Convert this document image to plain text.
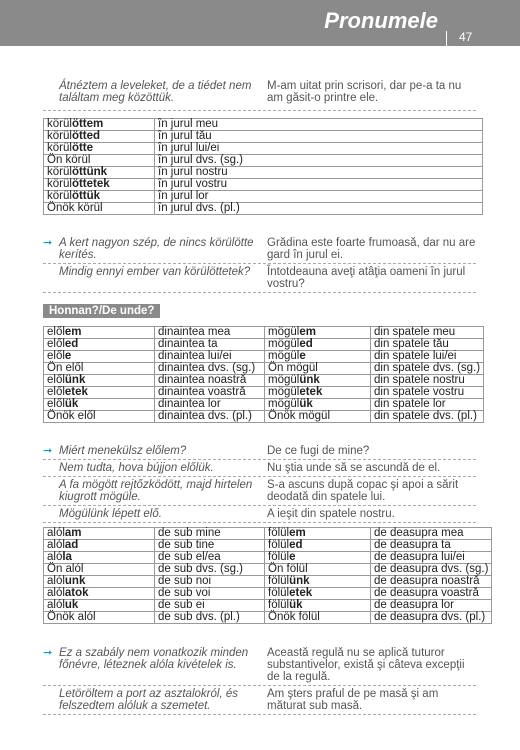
Pronumele
47
Átnéztem a leveleket, de a tiédet nem találtam meg közöttük.
M-am uitat prin scrisori, dar pe-a ta nu am găsit-o printre ele.
körülöttem	în jurul meu
körülötted	în jurul tău
körülötte	în jurul lui/ei
Ön körül	în jurul dvs. (sg.)
körülöttünk	în jurul nostru
körülöttetek	în jurul vostru
körülöttük	în jurul lor
Önök körül	în jurul dvs. (pl.)
➞ A kert nagyon szép, de nincs körülötte kerítés.
Grădina este foarte frumoasă, dar nu are gard în jurul ei.
Mindig ennyi ember van körülöttetek?	Întotdeauna aveţi atâţia oameni în jurul vostru?
Honnan?/De unde?
előlem	dinaintea mea	mögülem	din spatele meu
előled	dinaintea ta	mögüled	din spatele tău
előle	dinaintea lui/ei	mögüle	din spatele lui/ei
Ön elől	dinaintea dvs. (sg.)	Ön mögül	din spatele dvs. (sg.)
előlünk	dinaintea noastră	mögülünk	din spatele nostru
előletek	dinaintea voastră	mögületek	din spatele vostru
előlük	dinaintea lor	mögülük	din spatele lor
Önök elől	dinaintea dvs. (pl.)	Önök mögül	din spatele dvs. (pl.)
➞ Miért menekülsz előlem?	De ce fugi de mine?
Nem tudta, hova bújjon előlük.	Nu ştia unde să se ascundă de el.
A fa mögött rejtőzködött, majd hirtelen kiugrott mögüle.
S-a ascuns după copac şi apoi a sărit deodată din spatele lui.
Mögülünk lépett elő.	A ieşit din spatele nostru.
alólam	de sub mine	fölülem	de deasupra mea
alólad	de sub tine	fölüled	de deasupra ta
alóla	de sub el/ea	fölüle	de deasupra lui/ei
Ön alól	de sub dvs. (sg.)	Ön fölül	de deasupra dvs. (sg.)
alólunk	de sub noi	fölülünk	de deasupra noastră
alólatok	de sub voi	fölületek	de deasupra voastră
alóluk	de sub ei	fölülük	de deasupra lor
Önök alól	de sub dvs. (pl.)	Önök fölül	de deasupra dvs. (pl.)
➞ Ez a szabály nem vonatkozik minden főnévre, léteznek alóla kivételek is.
Această regulă nu se aplică tuturor substantivelor, există şi câteva excepţii de la regulă.
Letöröltem a port az asztalokról, és felszedtem alóluk a szemetet.
Am şters praful de pe masă şi am măturat sub masă.
